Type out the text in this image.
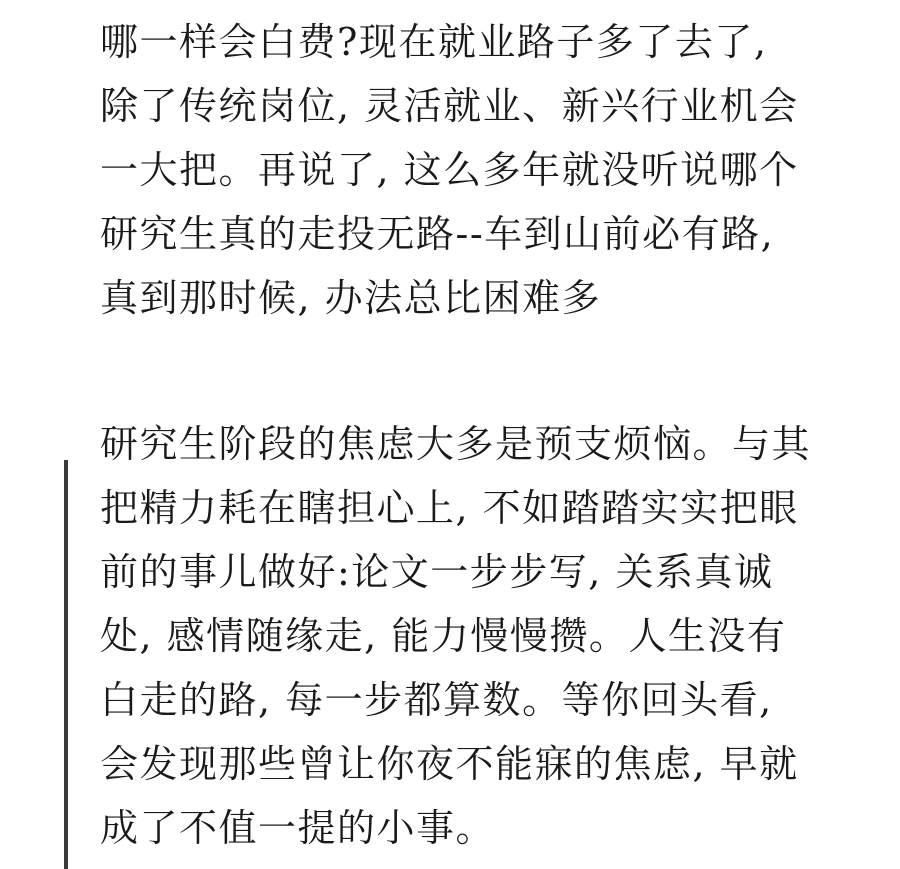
哪一样会白费?现在就业路子多了去了,
除了传统岗位, 灵活就业、新兴行业机会
一大把。再说了, 这么多年就没听说哪个
研究生真的走投无路--车到山前必有路,
真到那时候, 办法总比困难多

研究生阶段的焦虑大多是预支烦恼。与其
把精力耗在瞎担心上, 不如踏踏实实把眼
前的事儿做好:论文一步步写, 关系真诚
处, 感情随缘走, 能力慢慢攒。人生没有
白走的路, 每一步都算数。等你回头看,
会发现那些曾让你夜不能寐的焦虑, 早就
成了不值一提的小事。
